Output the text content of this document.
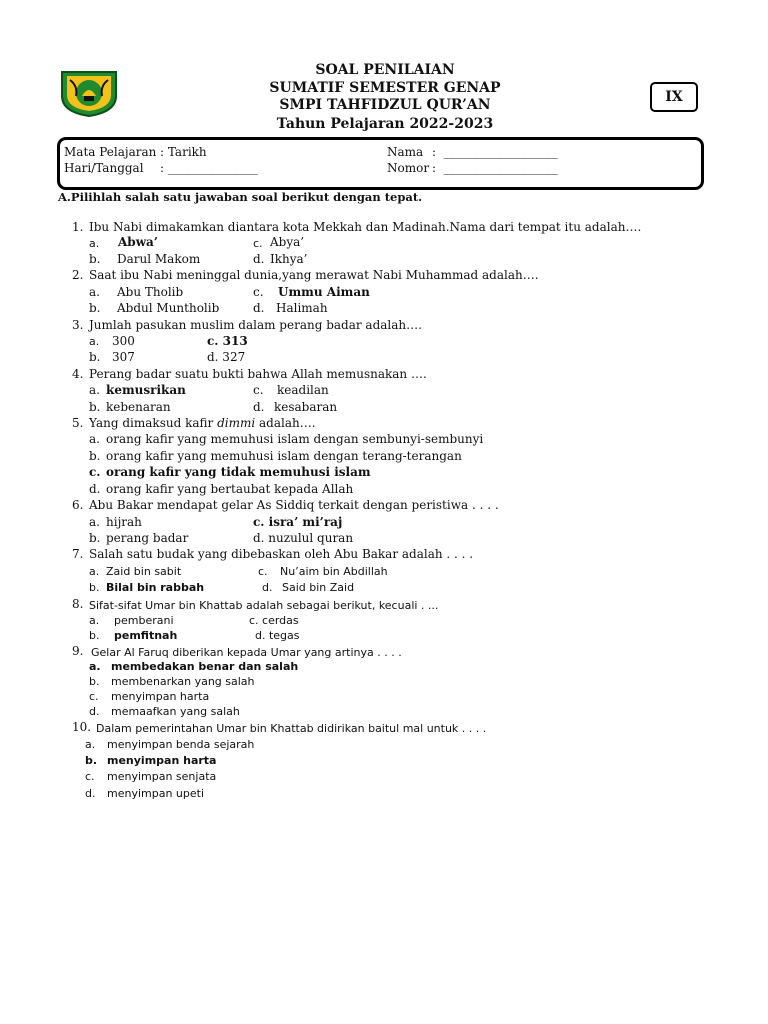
SOAL PENILAIAN
SUMATIF SEMESTER GENAP
SMPI TAHFIDZUL QUR’AN
Tahun Pelajaran 2022-2023
IX
Mata Pelajaran : Tarikh
Hari/Tanggal : _______________
Nama :  ___________________
Nomor :  ___________________
A.Pilihlah salah satu jawaban soal berikut dengan tepat.
1. Ibu Nabi dimakamkan diantara kota Mekkah dan Madinah.Nama dari tempat itu adalah….
a. Abwa’	c. Abya’
b. Darul Makom	d. Ikhya’
2. Saat ibu Nabi meninggal dunia,yang merawat Nabi Muhammad adalah….
a. Abu Tholib	c. Ummu Aiman
b. Abdul Muntholib	d. Halimah
3. Jumlah pasukan muslim dalam perang badar adalah….
a. 300	c. 313
b. 307	d. 327
4. Perang badar suatu bukti bahwa Allah memusnakan ….
a. kemusrikan	c. keadilan
b. kebenaran	d. kesabaran
5. Yang dimaksud kafir dimmi adalah….
a. orang kafir yang memuhusi islam dengan sembunyi-sembunyi
b. orang kafir yang memuhusi islam dengan terang-terangan
c. orang kafir yang tidak memuhusi islam
d. orang kafir yang bertaubat kepada Allah
6. Abu Bakar mendapat gelar As Siddiq terkait dengan peristiwa . . . .
a. hijrah	c. isra’ mi’raj
b. perang badar	d. nuzulul quran
7. Salah satu budak yang dibebaskan oleh Abu Bakar adalah . . . .
a. Zaid bin sabit	c. Nu’aim bin Abdillah
b. Bilal bin rabbah	d. Said bin Zaid
8. Sifat-sifat Umar bin Khattab adalah sebagai berikut, kecuali . ...
a. pemberani	c. cerdas
b. pemfitnah	d. tegas
9. Gelar Al Faruq diberikan kepada Umar yang artinya . . . .
a. membedakan benar dan salah
b. membenarkan yang salah
c. menyimpan harta
d. memaafkan yang salah
10. Dalam pemerintahan Umar bin Khattab didirikan baitul mal untuk . . . .
a. menyimpan benda sejarah
b. menyimpan harta
c. menyimpan senjata
d. menyimpan upeti
